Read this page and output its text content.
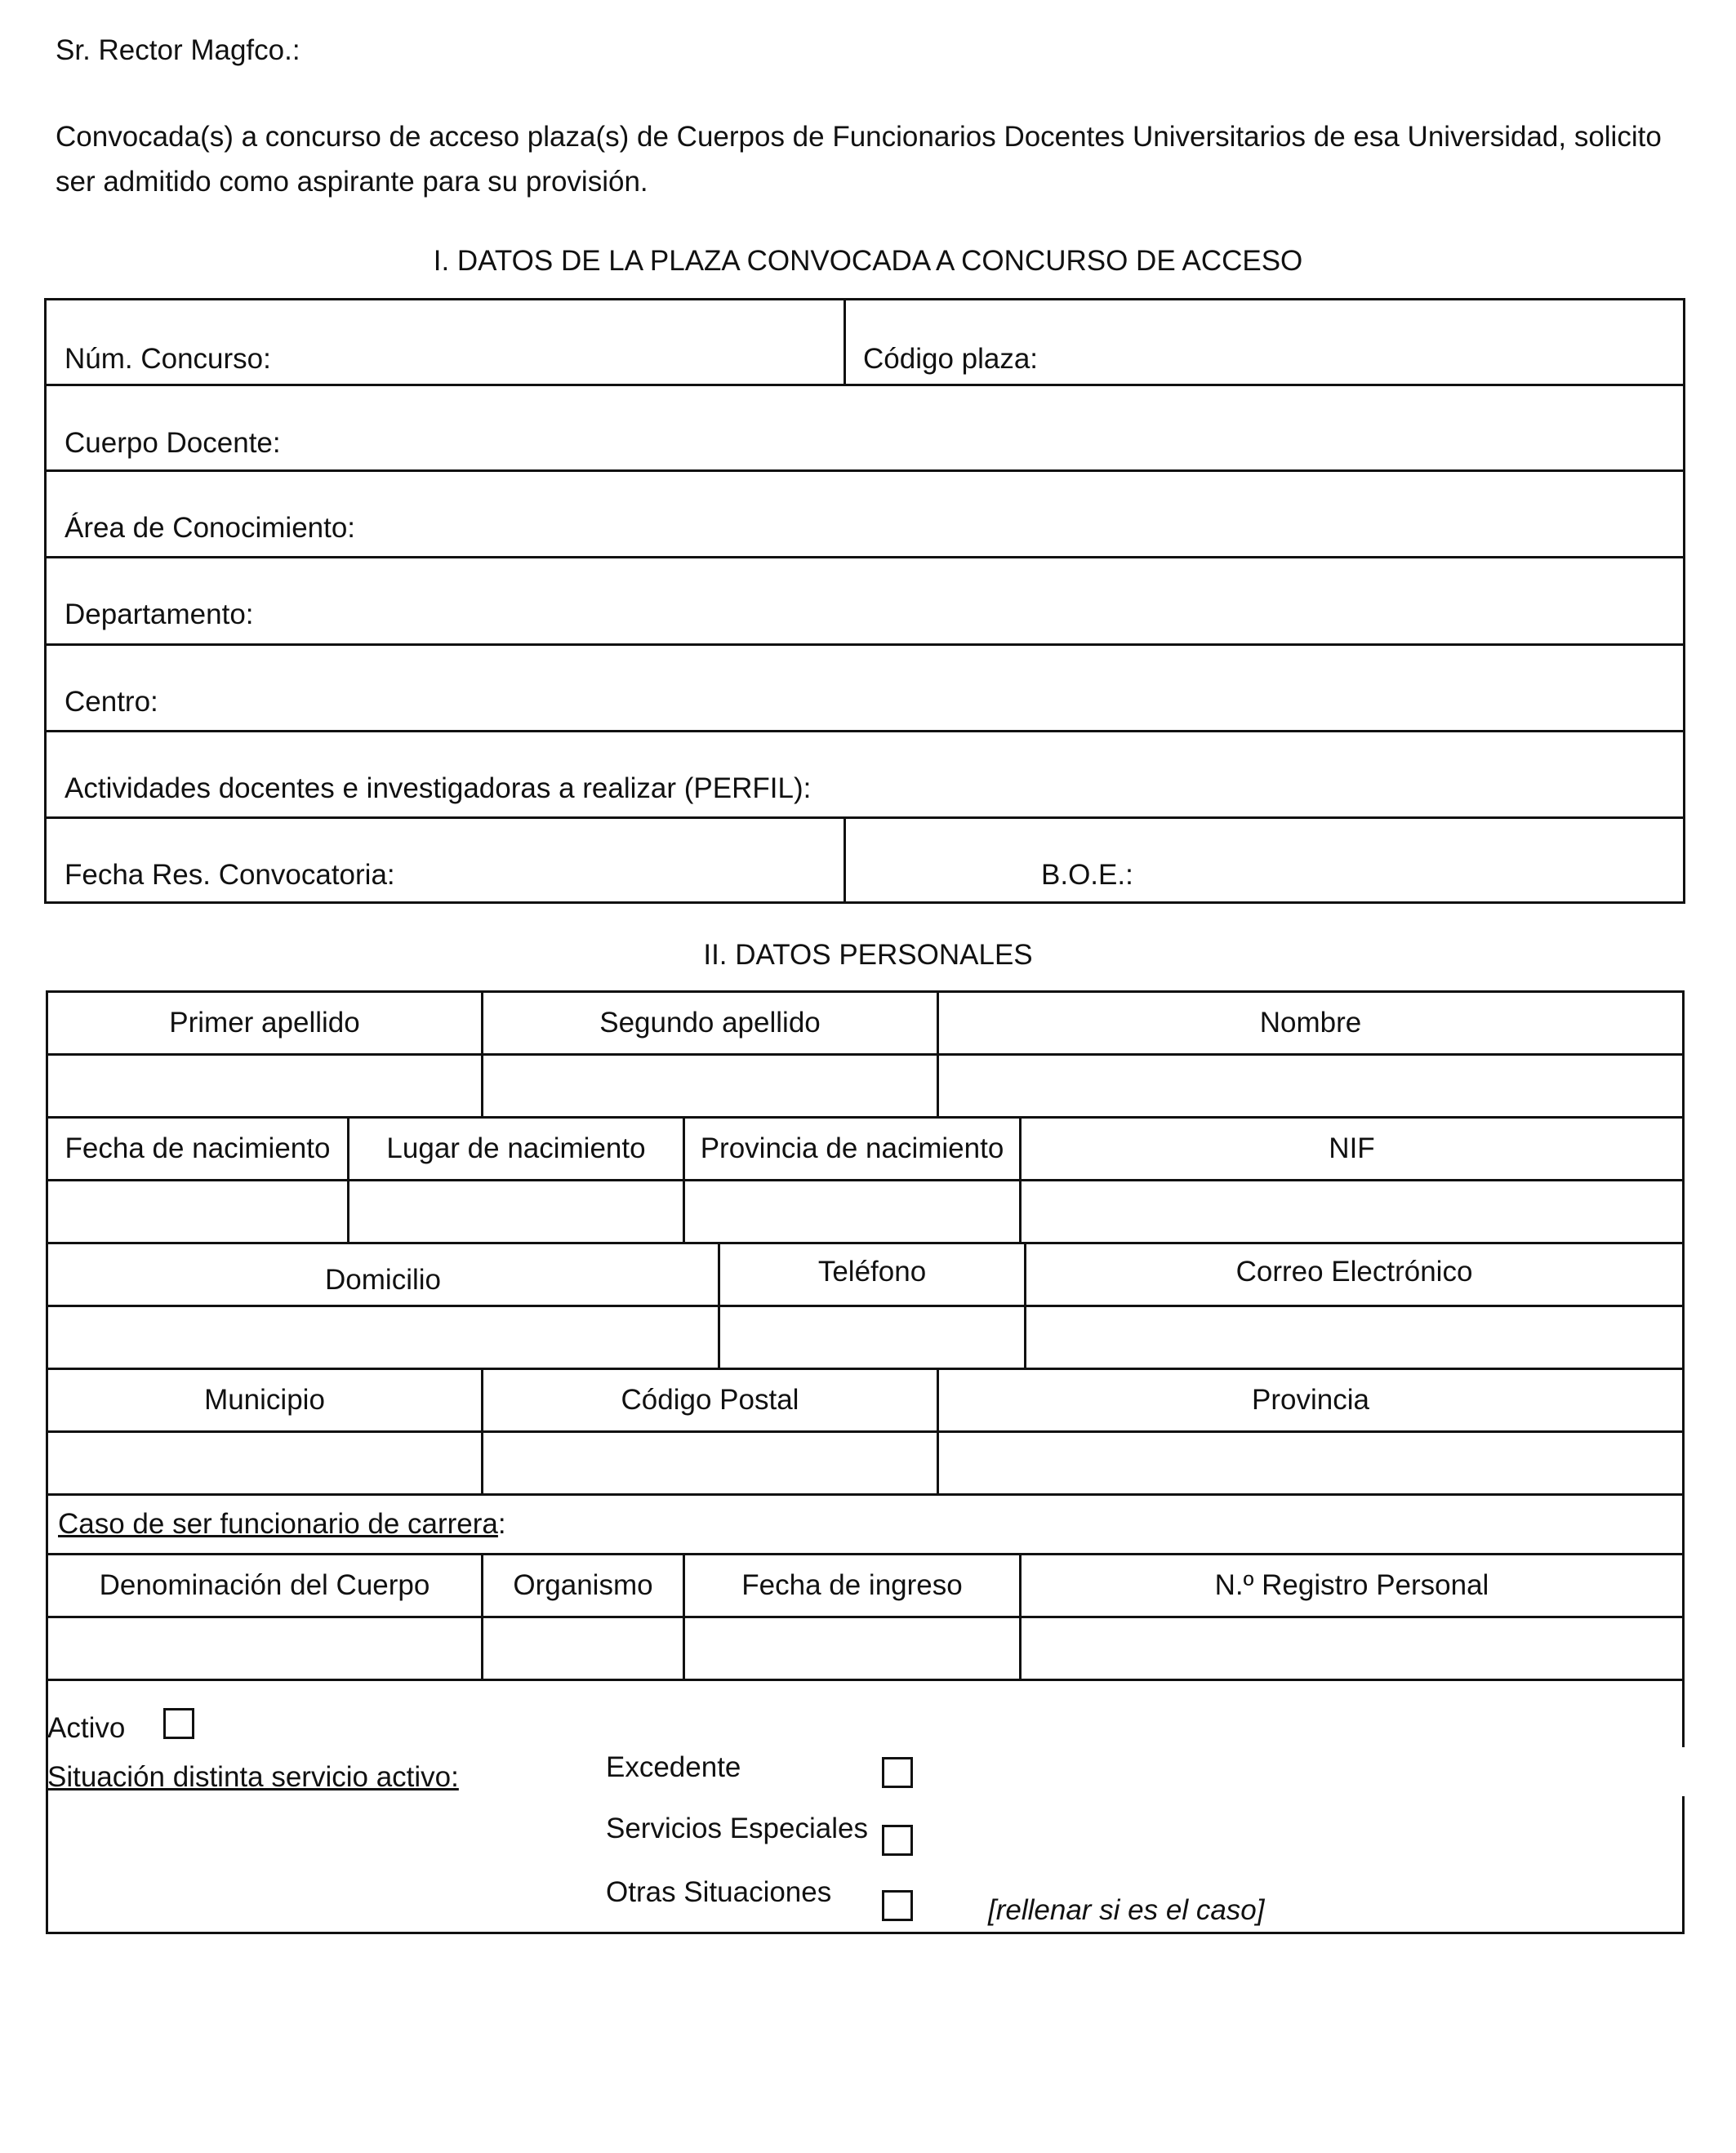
Sr. Rector Magfco.:
Convocada(s) a concurso de acceso plaza(s) de Cuerpos de Funcionarios Docentes Universitarios de esa Universidad, solicito ser admitido como aspirante para su provisión.
I. DATOS DE LA PLAZA CONVOCADA A CONCURSO DE ACCESO
Núm. Concurso:	Código plaza:
Cuerpo Docente:
Área de Conocimiento:
Departamento:
Centro:
Actividades docentes e investigadoras a realizar (PERFIL):
Fecha Res. Convocatoria:	B.O.E.:
II. DATOS PERSONALES
Primer apellido	Segundo apellido	Nombre
Fecha de nacimiento	Lugar de nacimiento	Provincia de nacimiento	NIF
Domicilio	Teléfono	Correo Electrónico
Municipio	Código Postal	Provincia
Caso de ser funcionario de carrera :
Denominación del Cuerpo	Organismo	Fecha de ingreso	N.º Registro Personal
Activo
Situación distinta servicio activo:	Excedente
Servicios Especiales
Otras Situaciones
[rellenar si es el caso]
